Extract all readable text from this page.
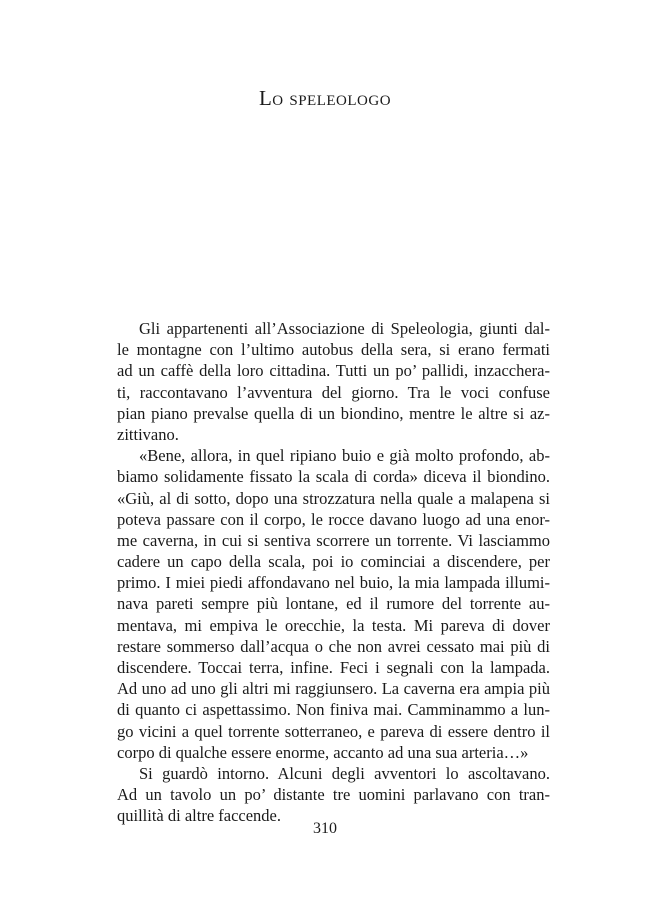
Lo speleologo
Gli appartenenti all’Associazione di Speleologia, giunti dal-
le montagne con l’ultimo autobus della sera, si erano fermati
ad un caffè della loro cittadina. Tutti un po’ pallidi, inzacchera-
ti, raccontavano l’avventura del giorno. Tra le voci confuse
pian piano prevalse quella di un biondino, mentre le altre si az-
zittivano.
«Bene, allora, in quel ripiano buio e già molto profondo, ab-
biamo solidamente fissato la scala di corda» diceva il biondino.
«Giù, al di sotto, dopo una strozzatura nella quale a malapena si
poteva passare con il corpo, le rocce davano luogo ad una enor-
me caverna, in cui si sentiva scorrere un torrente. Vi lasciammo
cadere un capo della scala, poi io cominciai a discendere, per
primo. I miei piedi affondavano nel buio, la mia lampada illumi-
nava pareti sempre più lontane, ed il rumore del torrente au-
mentava, mi empiva le orecchie, la testa. Mi pareva di dover
restare sommerso dall’acqua o che non avrei cessato mai più di
discendere. Toccai terra, infine. Feci i segnali con la lampada.
Ad uno ad uno gli altri mi raggiunsero. La caverna era ampia più
di quanto ci aspettassimo. Non finiva mai. Camminammo a lun-
go vicini a quel torrente sotterraneo, e pareva di essere dentro il
corpo di qualche essere enorme, accanto ad una sua arteria…»
Si guardò intorno. Alcuni degli avventori lo ascoltavano.
Ad un tavolo un po’ distante tre uomini parlavano con tran-
quillità di altre faccende.
310
